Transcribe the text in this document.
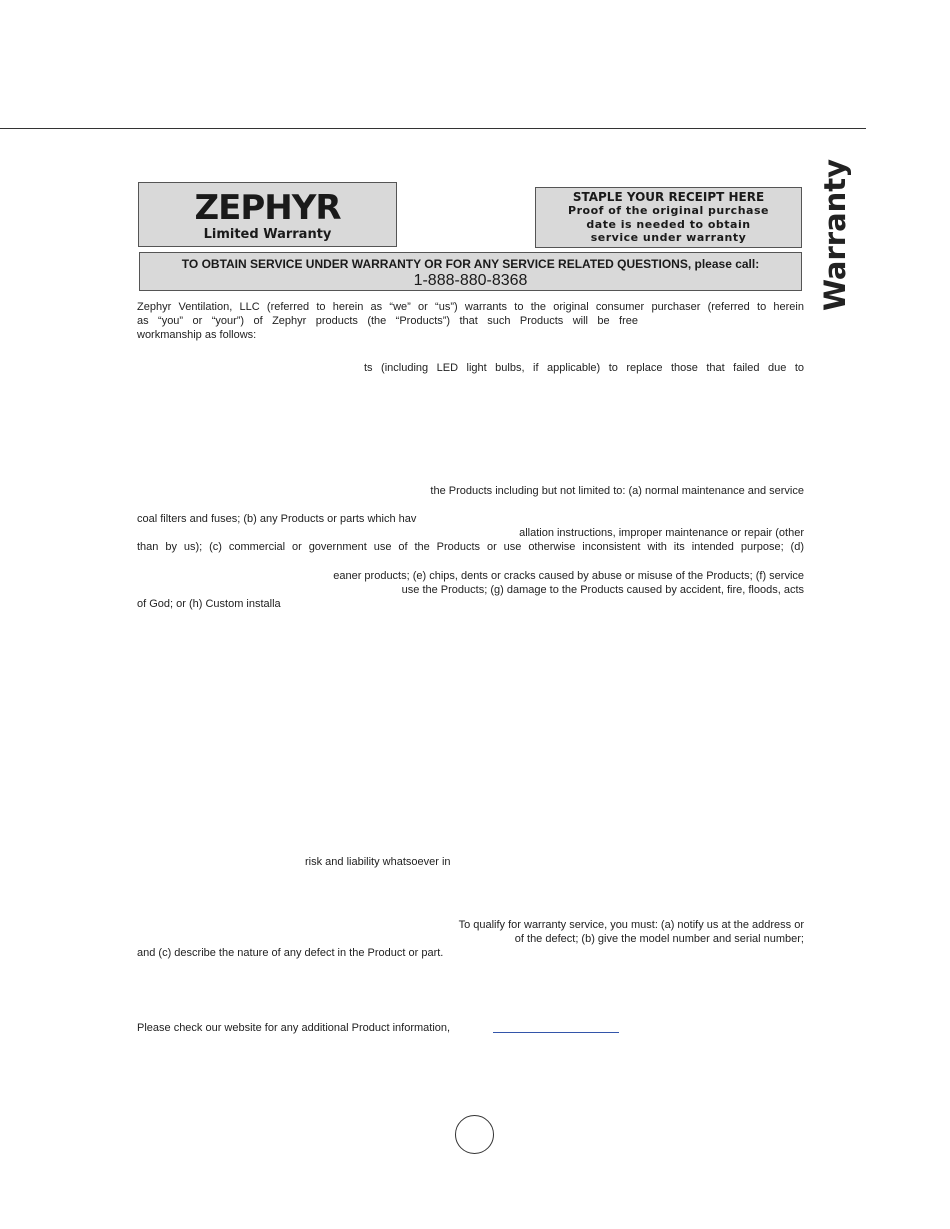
Warranty
ZEPHYR
Limited Warranty
STAPLE YOUR RECEIPT HERE
Proof of the original purchase
date is needed to obtain
service under warranty
TO OBTAIN SERVICE UNDER WARRANTY OR FOR ANY SERVICE RELATED QUESTIONS, please call:
1-888-880-8368
Zephyr Ventilation, LLC (referred to herein as “we” or “us”) warrants to the original consumer purchaser (referred to herein
as “you” or “your”) of Zephyr products (the “Products”) that such Products will be free
workmanship as follows:
ts (including LED light bulbs, if applicable) to replace those that failed due to
the Products including but not limited to: (a) normal maintenance and service
coal filters and fuses; (b) any Products or parts which hav
allation instructions, improper maintenance or repair (other
than by us); (c) commercial or government use of the Products or use otherwise inconsistent with its intended purpose; (d)
eaner products; (e) chips, dents or cracks caused by abuse or misuse of the Products; (f) service
use the Products; (g) damage to the Products caused by accident, fire, floods, acts
of God; or (h) Custom installa
risk and liability whatsoever in
To qualify for warranty service, you must: (a) notify us at the address or
of the defect; (b) give the model number and serial number;
and (c) describe the nature of any defect in the Product or part.
Please check our website for any additional Product information,
